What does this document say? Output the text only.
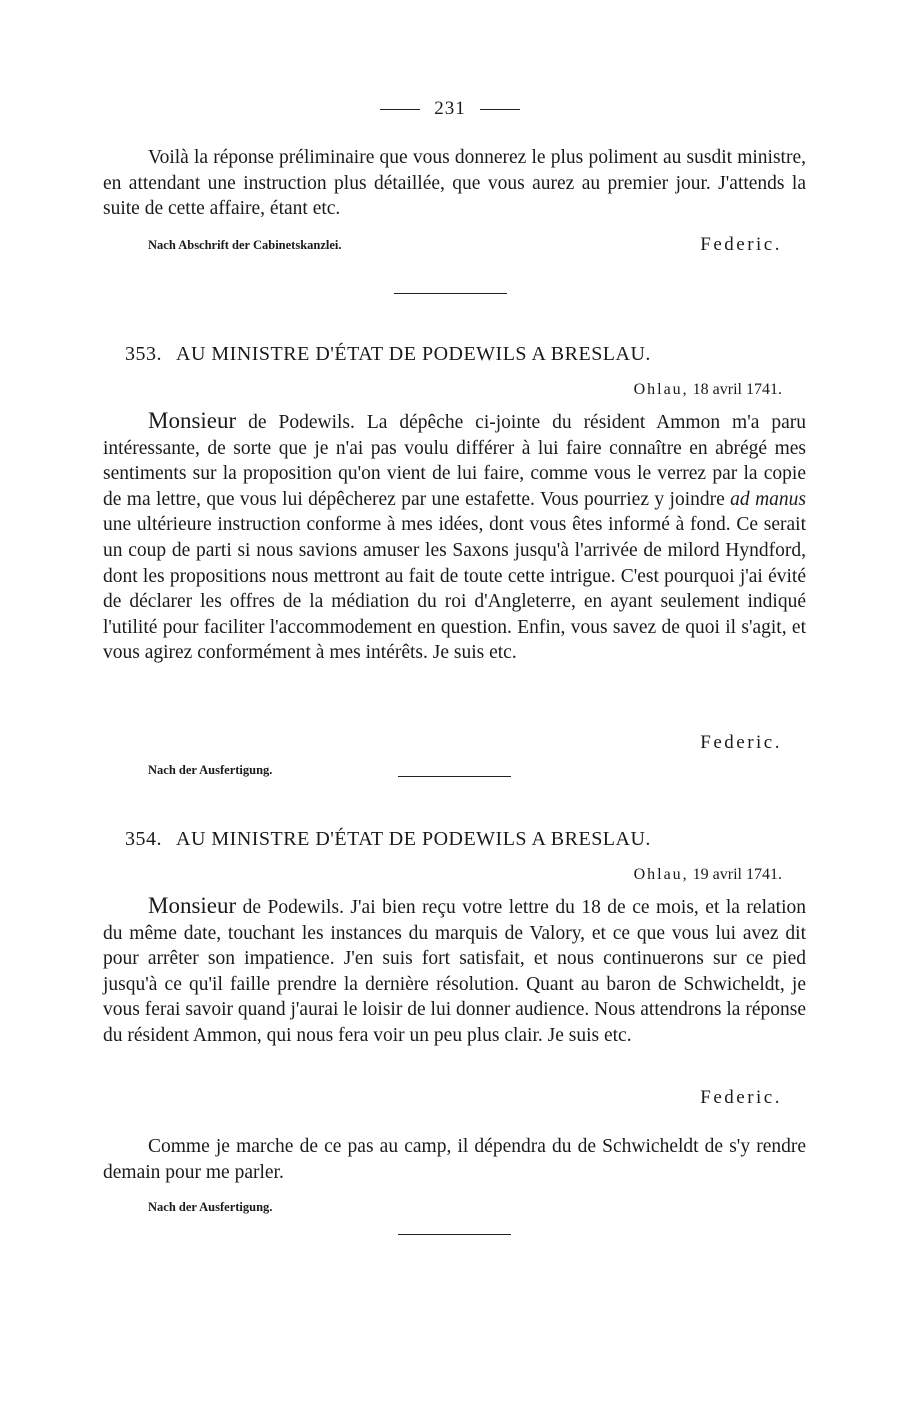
231

Voilà la réponse préliminaire que vous donnerez le plus poliment au susdit ministre, en attendant une instruction plus détaillée, que vous aurez au premier jour. J'attends la suite de cette affaire, étant etc.

Nach Abschrift der Cabinetskanzlei.	Federic.
353. AU MINISTRE D'ÉTAT DE PODEWILS A BRESLAU.
Ohlau, 18 avril 1741.

Monsieur de Podewils. La dépêche ci-jointe du résident Ammon m'a paru intéressante, de sorte que je n'ai pas voulu différer à lui faire connaître en abrégé mes sentiments sur la proposition qu'on vient de lui faire, comme vous le verrez par la copie de ma lettre, que vous lui dépêcherez par une estafette. Vous pourriez y joindre ad manus une ultérieure instruction conforme à mes idées, dont vous êtes informé à fond. Ce serait un coup de parti si nous savions amuser les Saxons jusqu'à l'arrivée de milord Hyndford, dont les propositions nous mettront au fait de toute cette intrigue. C'est pourquoi j'ai évité de déclarer les offres de la médiation du roi d'Angleterre, en ayant seulement indiqué l'utilité pour faciliter l'accommodement en question. Enfin, vous savez de quoi il s'agit, et vous agirez conformément à mes intérêts. Je suis etc.

Federic.
Nach der Ausfertigung.
354. AU MINISTRE D'ÉTAT DE PODEWILS A BRESLAU.
Ohlau, 19 avril 1741.

Monsieur de Podewils. J'ai bien reçu votre lettre du 18 de ce mois, et la relation du même date, touchant les instances du marquis de Valory, et ce que vous lui avez dit pour arrêter son impatience. J'en suis fort satisfait, et nous continuerons sur ce pied jusqu'à ce qu'il faille prendre la dernière résolution. Quant au baron de Schwicheldt, je vous ferai savoir quand j'aurai le loisir de lui donner audience. Nous attendrons la réponse du résident Ammon, qui nous fera voir un peu plus clair. Je suis etc.

Federic.

Comme je marche de ce pas au camp, il dépendra du de Schwicheldt de s'y rendre demain pour me parler.

Nach der Ausfertigung.
